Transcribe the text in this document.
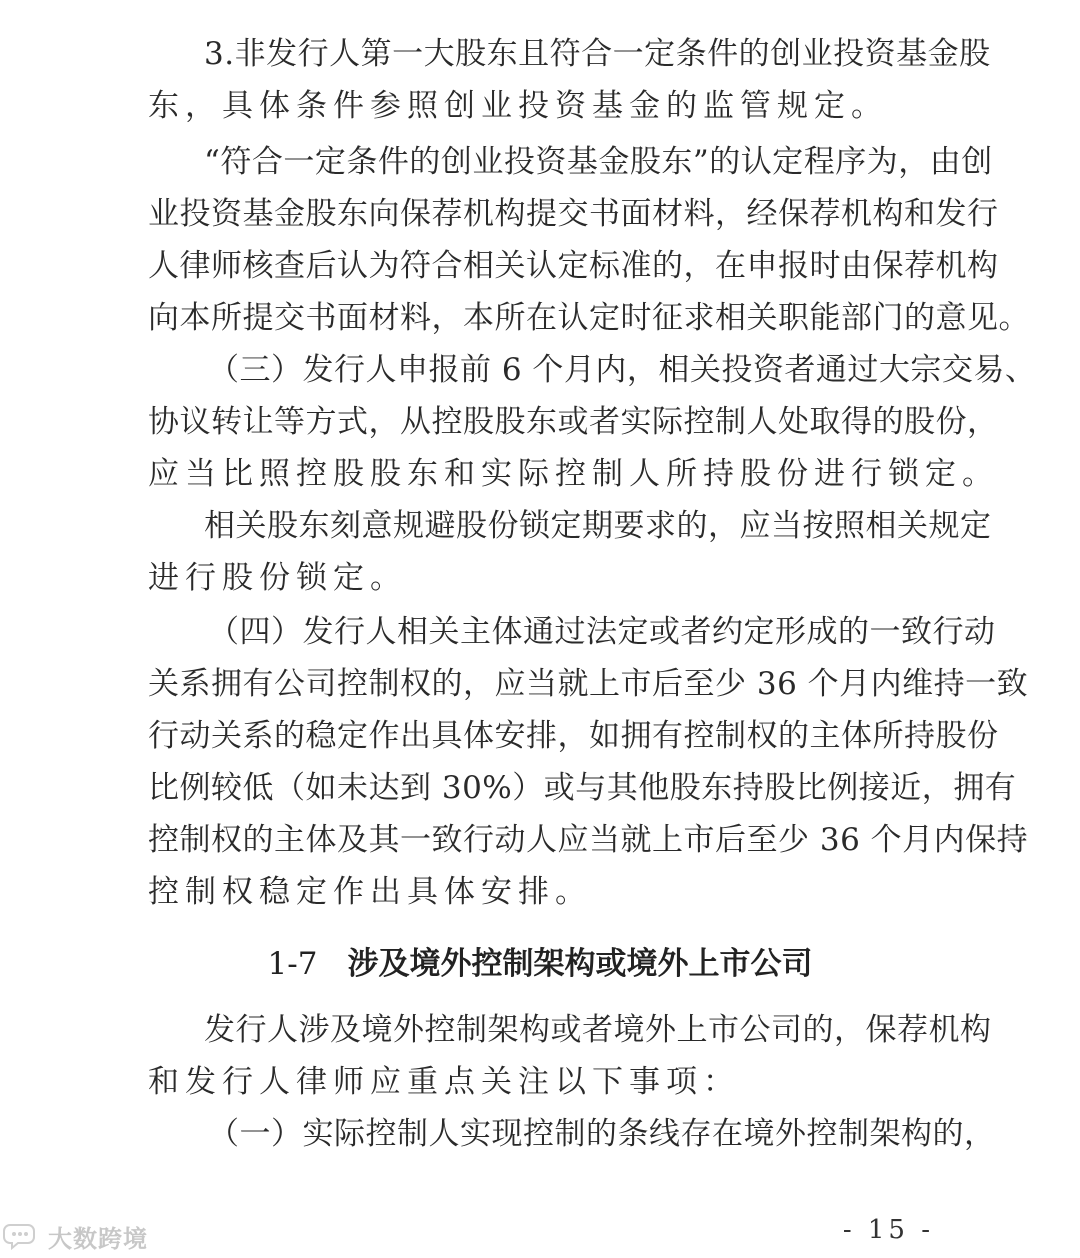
3.非发行人第一大股东且符合一定条件的创业投资基金股
东，具体条件参照创业投资基金的监管规定。
“符合一定条件的创业投资基金股东”的认定程序为，由创
业投资基金股东向保荐机构提交书面材料，经保荐机构和发行
人律师核查后认为符合相关认定标准的，在申报时由保荐机构
向本所提交书面材料，本所在认定时征求相关职能部门的意见。
（三）发行人申报前 6 个月内，相关投资者通过大宗交易、
协议转让等方式，从控股股东或者实际控制人处取得的股份，
应当比照控股股东和实际控制人所持股份进行锁定。
相关股东刻意规避股份锁定期要求的，应当按照相关规定
进行股份锁定。
（四）发行人相关主体通过法定或者约定形成的一致行动
关系拥有公司控制权的，应当就上市后至少 36 个月内维持一致
行动关系的稳定作出具体安排，如拥有控制权的主体所持股份
比例较低（如未达到 30%）或与其他股东持股比例接近，拥有
控制权的主体及其一致行动人应当就上市后至少 36 个月内保持
控制权稳定作出具体安排。
1-7 涉及境外控制架构或境外上市公司
发行人涉及境外控制架构或者境外上市公司的，保荐机构
和发行人律师应重点关注以下事项：
（一）实际控制人实现控制的条线存在境外控制架构的，
- 15 -
大数跨境
